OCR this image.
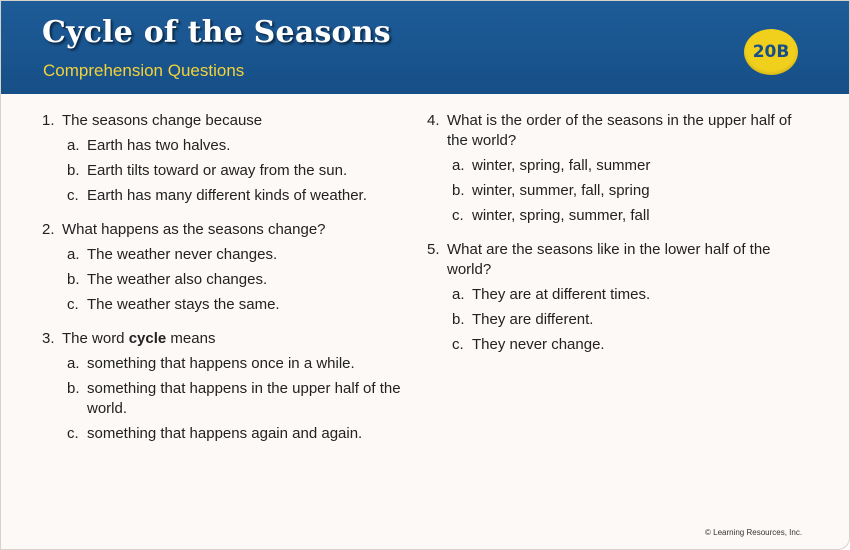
Cycle of the Seasons
Comprehension Questions
20B
1. The seasons change because
a. Earth has two halves.
b. Earth tilts toward or away from the sun.
c. Earth has many different kinds of weather.
2. What happens as the seasons change?
a. The weather never changes.
b. The weather also changes.
c. The weather stays the same.
3. The word cycle means
a. something that happens once in a while.
b. something that happens in the upper half of the world.
c. something that happens again and again.
4. What is the order of the seasons in the upper half of the world?
a. winter, spring, fall, summer
b. winter, summer, fall, spring
c. winter, spring, summer, fall
5. What are the seasons like in the lower half of the world?
a. They are at different times.
b. They are different.
c. They never change.
© Learning Resources, Inc.
